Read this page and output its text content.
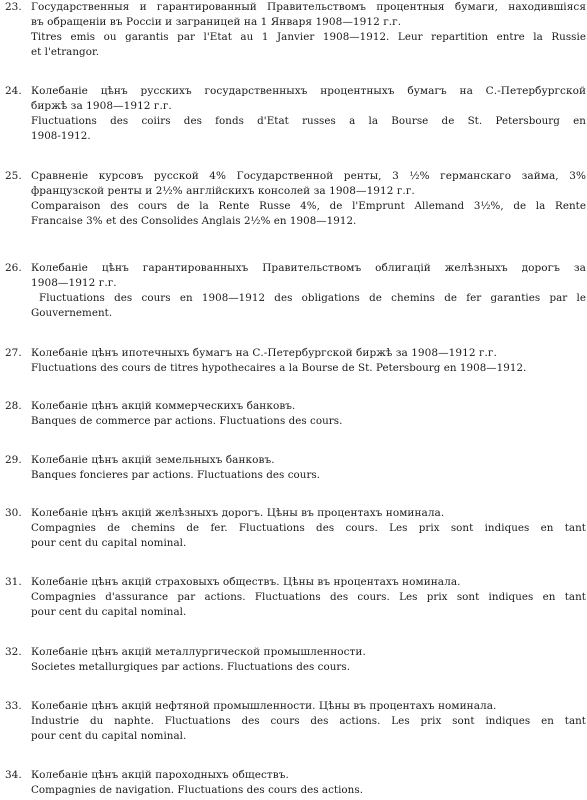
23. Государственныя и гарантированный Правительствомъ процентныя бумаги, находившiяся
въ обращенiи въ Россiи и заграницей на 1 Января 1908—1912 г.г.
Titres emis ou garantis par l'Etat au 1 Janvier 1908—1912. Leur repartition entre la Russie
et l'etrangor.
24. Колебанiе цѣнъ русскихъ государственныхъ нроцентныхъ бумагъ на С.-Петербургской
биржѣ за 1908—1912 г.г.
Fluctuations des coiirs des fonds d'Etat russes a la Bourse de St. Petersbourg en
1908-1912.
25. Сравненiе курсовъ русской 4% Государственной ренты, 3 ½% германскаго займа, 3%
французской ренты и 2½% англiйскихъ консолей за 1908—1912 г.г.
Comparaison des cours de la Rente Russe 4%, de l'Emprunt Allemand 3½%, de la Rente
Francaise 3% et des Consolides Anglais 2½% en 1908—1912.
26. Колебанiе цѣнъ гарантированныхъ Правительствомъ облигацiй желѣзныхъ дорогъ за
1908—1912 г.г.
Fluctuations des cours en 1908—1912 des obligations de chemins de fer garanties par le
Gouvernement.
27. Колебанiе цѣнъ ипотечныхъ бумагъ на С.-Петербургской биржѣ за 1908—1912 г.г.
Fluctuations des cours de titres hypothecaires a la Bourse de St. Petersbourg en 1908—1912.
28. Колебанiе цѣнъ акцiй коммерческихъ банковъ.
Banques de commerce par actions. Fluctuations des cours.
29. Колебанiе цѣнъ акцiй земельныхъ банковъ.
Banques foncieres par actions. Fluctuations des cours.
30. Колебанiе цѣнъ акцiй желѣзныхъ дорогъ. Цѣны въ процентахъ номинала.
Compagnies de chemins de fer. Fluctuations des cours. Les prix sont indiques en tant
pour cent du capital nominal.
31. Колебанiе цѣнъ акцiй страховыхъ обществъ. Цѣны въ нроцентахъ номинала.
Compagnies d'assurance par actions. Fluctuations des cours. Les prix sont indiques en tant
pour cent du capital nominal.
32. Колебанiе цѣнъ акцiй металлургической промышленности.
Societes metallurgiques par actions. Fluctuations des cours.
33. Колебанiе цѣнъ акцiй нефтяной промышленности. Цѣны въ процентахъ номинала.
Industrie du naphte. Fluctuations des cours des actions. Les prix sont indiques en tant
pour cent du capital nominal.
34. Колебанiе цѣнъ акцiй пароходныхъ обществъ.
Compagnies de navigation. Fluctuations des cours des actions.
